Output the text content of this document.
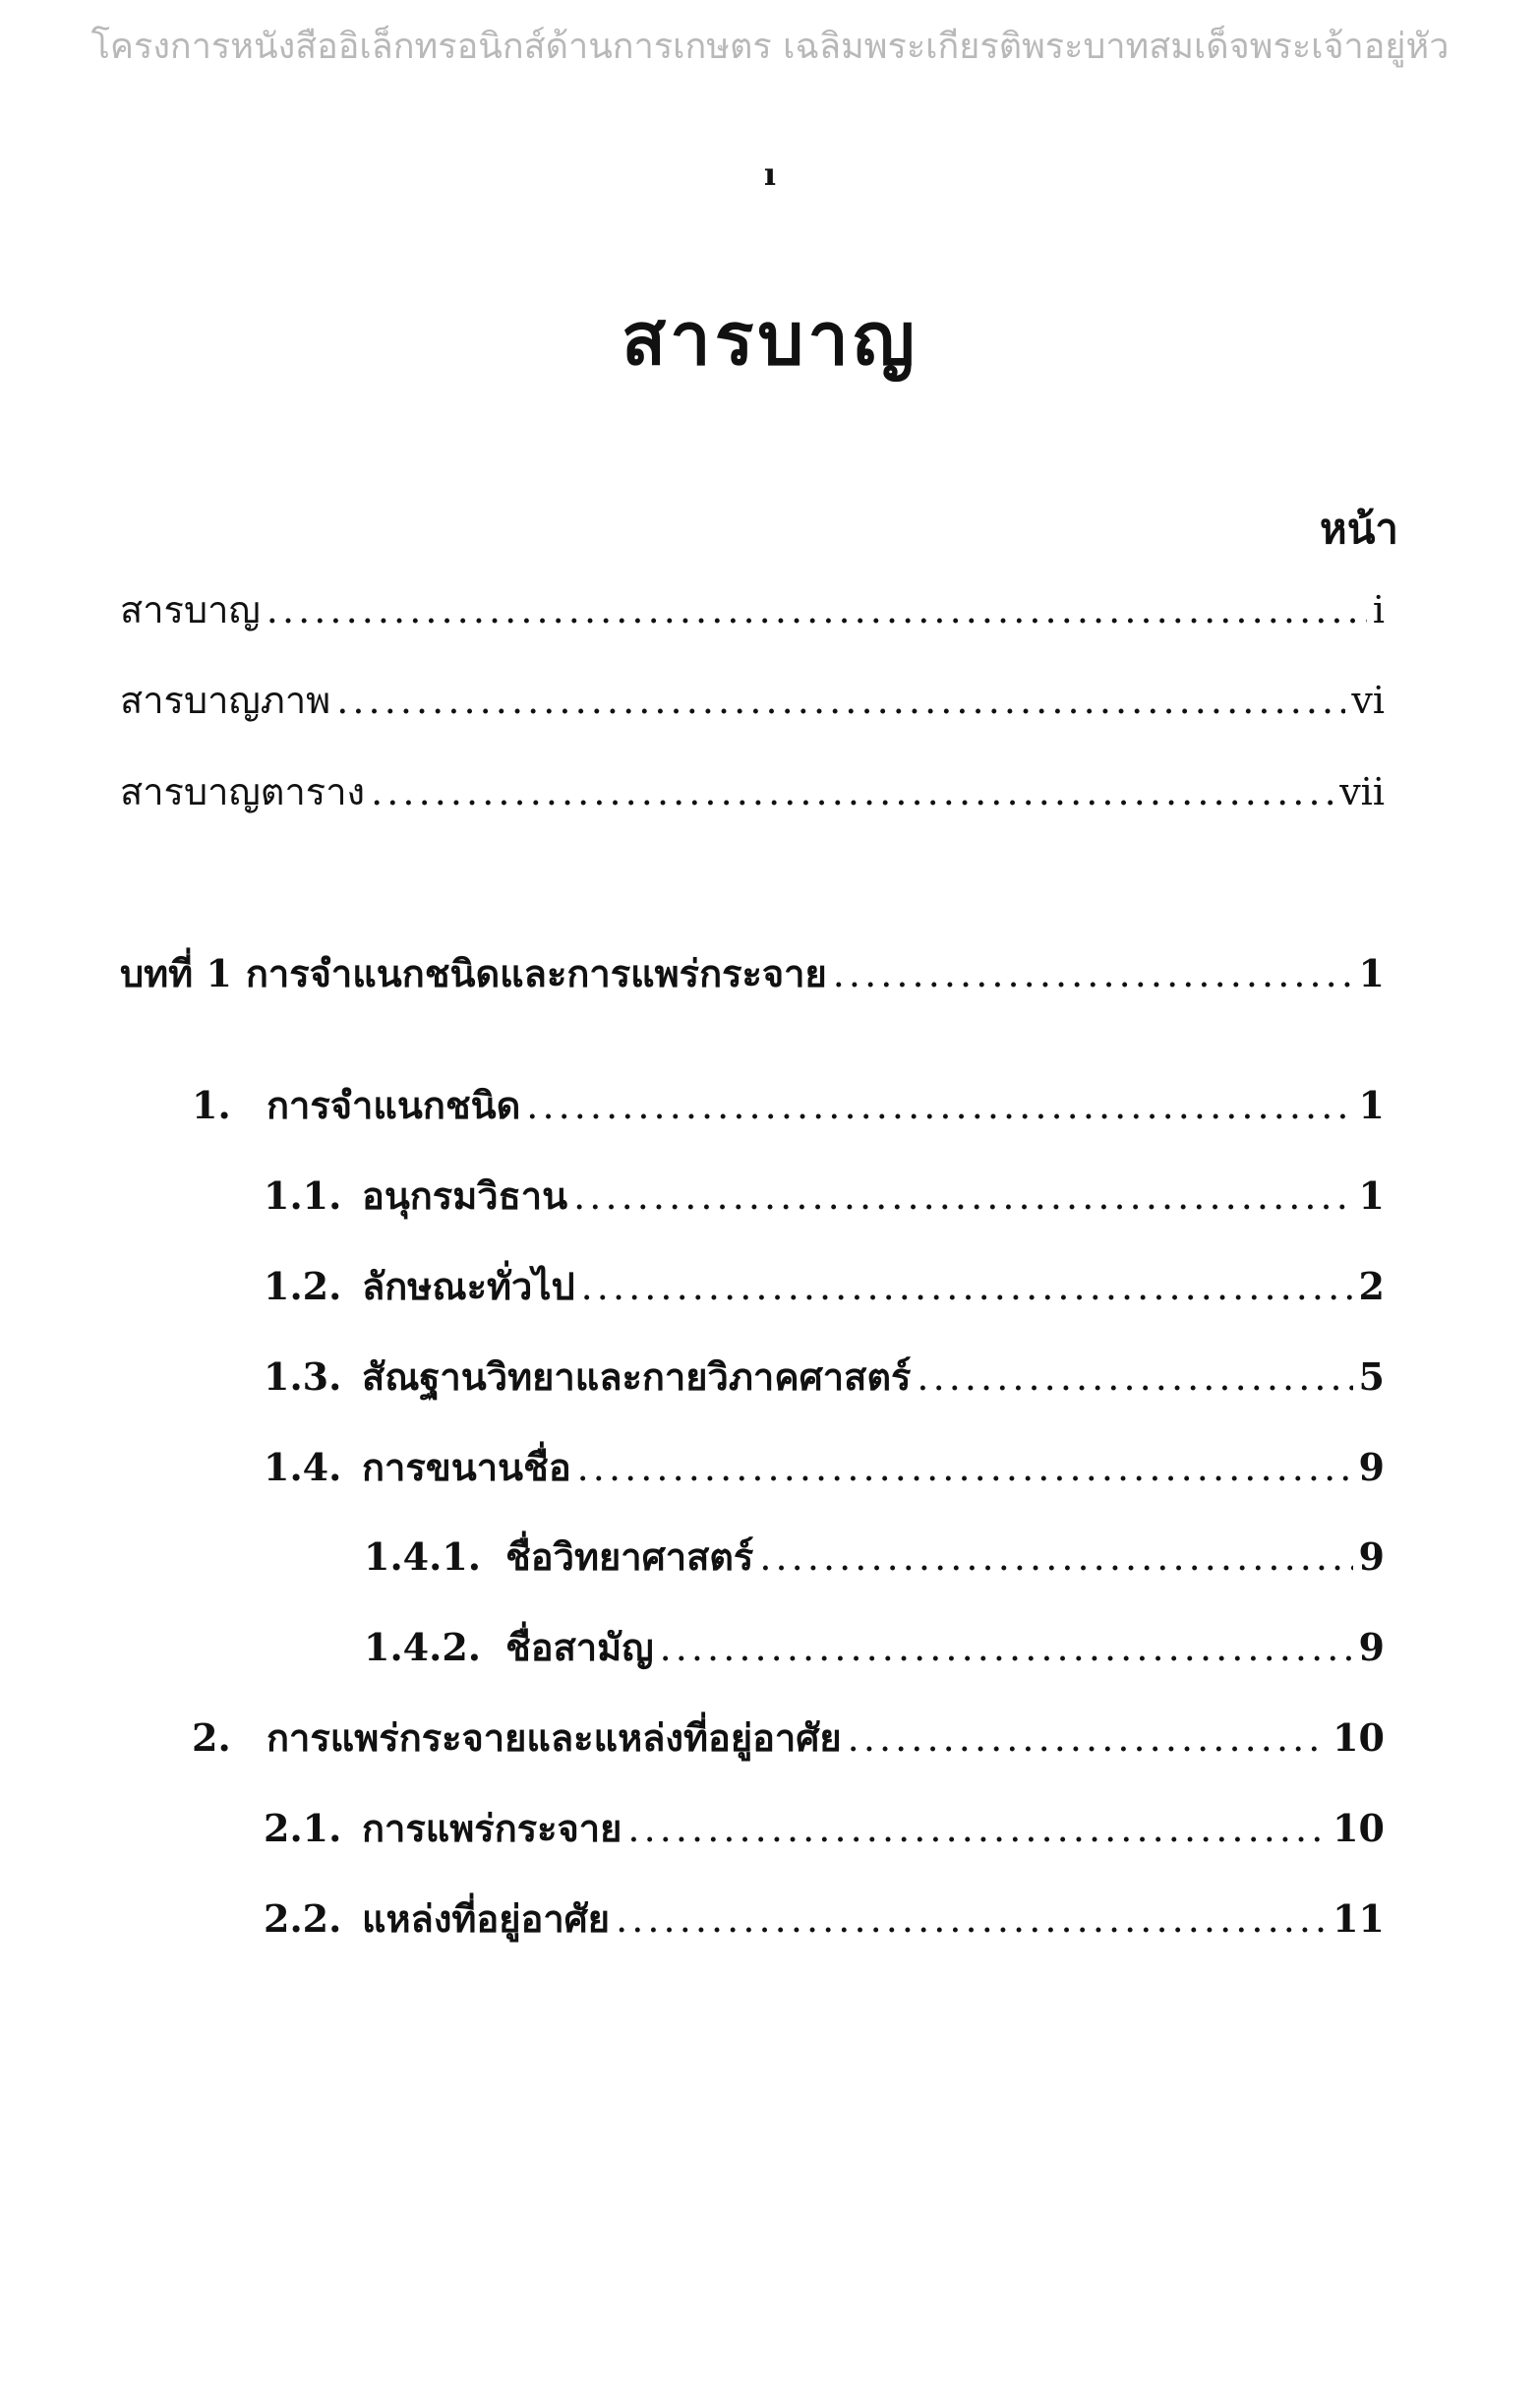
โครงการหนังสืออิเล็กทรอนิกส์ด้านการเกษตร เฉลิมพระเกียรติพระบาทสมเด็จพระเจ้าอยู่หัว
ı
สารบาญ
หน้า
สารบาญ . . .	i
สารบาญภาพ . . .	vi
สารบาญตาราง . . .	vii
บทที่ 1 การจำแนกชนิดและการแพร่กระจาย . . .	1
1. การจำแนกชนิด . . .	1
1.1. อนุกรมวิธาน . . .	1
1.2. ลักษณะทั่วไป . . .	2
1.3. สัณฐานวิทยาและกายวิภาคศาสตร์ . . .	5
1.4. การขนานชื่อ . . .	9
1.4.1. ชื่อวิทยาศาสตร์ . . .	9
1.4.2. ชื่อสามัญ . . .	9
2. การแพร่กระจายและแหล่งที่อยู่อาศัย . . .	10
2.1. การแพร่กระจาย . . .	10
2.2. แหล่งที่อยู่อาศัย . . .	11
